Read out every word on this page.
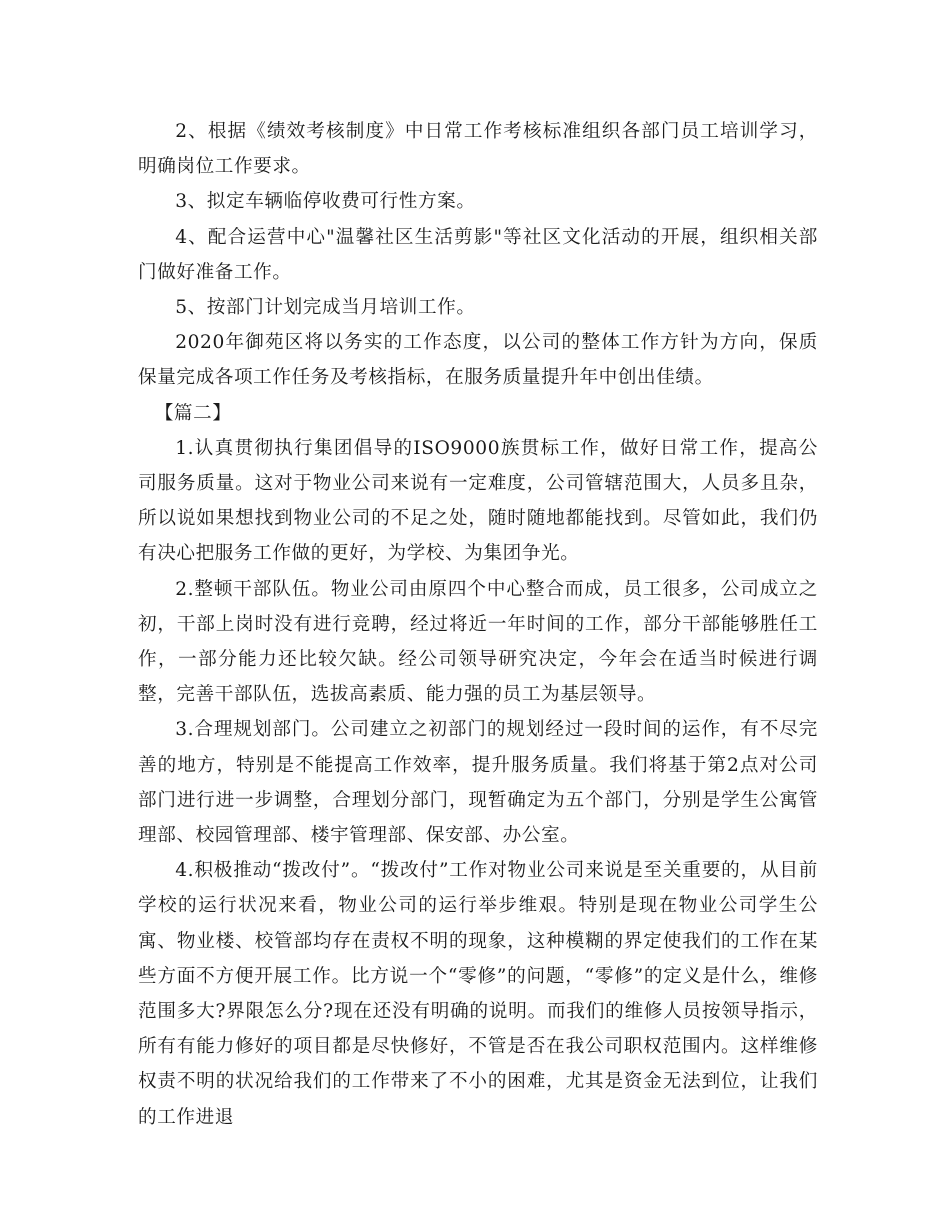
2、根据《绩效考核制度》中日常工作考核标准组织各部门员工培训学习，明确岗位工作要求。

3、拟定车辆临停收费可行性方案。

4、配合运营中心"温馨社区生活剪影"等社区文化活动的开展，组织相关部门做好准备工作。

5、按部门计划完成当月培训工作。

2020年御苑区将以务实的工作态度，以公司的整体工作方针为方向，保质保量完成各项工作任务及考核指标，在服务质量提升年中创出佳绩。

【篇二】

1.认真贯彻执行集团倡导的ISO9000族贯标工作，做好日常工作，提高公司服务质量。这对于物业公司来说有一定难度，公司管辖范围大，人员多且杂，所以说如果想找到物业公司的不足之处，随时随地都能找到。尽管如此，我们仍有决心把服务工作做的更好，为学校、为集团争光。

2.整顿干部队伍。物业公司由原四个中心整合而成，员工很多，公司成立之初，干部上岗时没有进行竞聘，经过将近一年时间的工作，部分干部能够胜任工作，一部分能力还比较欠缺。经公司领导研究决定，今年会在适当时候进行调整，完善干部队伍，选拔高素质、能力强的员工为基层领导。

3.合理规划部门。公司建立之初部门的规划经过一段时间的运作，有不尽完善的地方，特别是不能提高工作效率，提升服务质量。我们将基于第2点对公司部门进行进一步调整，合理划分部门，现暂确定为五个部门，分别是学生公寓管理部、校园管理部、楼宇管理部、保安部、办公室。

4.积极推动“拨改付”。“拨改付”工作对物业公司来说是至关重要的，从目前学校的运行状况来看，物业公司的运行举步维艰。特别是现在物业公司学生公寓、物业楼、校管部均存在责权不明的现象，这种模糊的界定使我们的工作在某些方面不方便开展工作。比方说一个“零修”的问题，“零修”的定义是什么，维修范围多大?界限怎么分?现在还没有明确的说明。而我们的维修人员按领导指示，所有有能力修好的项目都是尽快修好，不管是否在我公司职权范围内。这样维修权责不明的状况给我们的工作带来了不小的困难，尤其是资金无法到位，让我们的工作进退
